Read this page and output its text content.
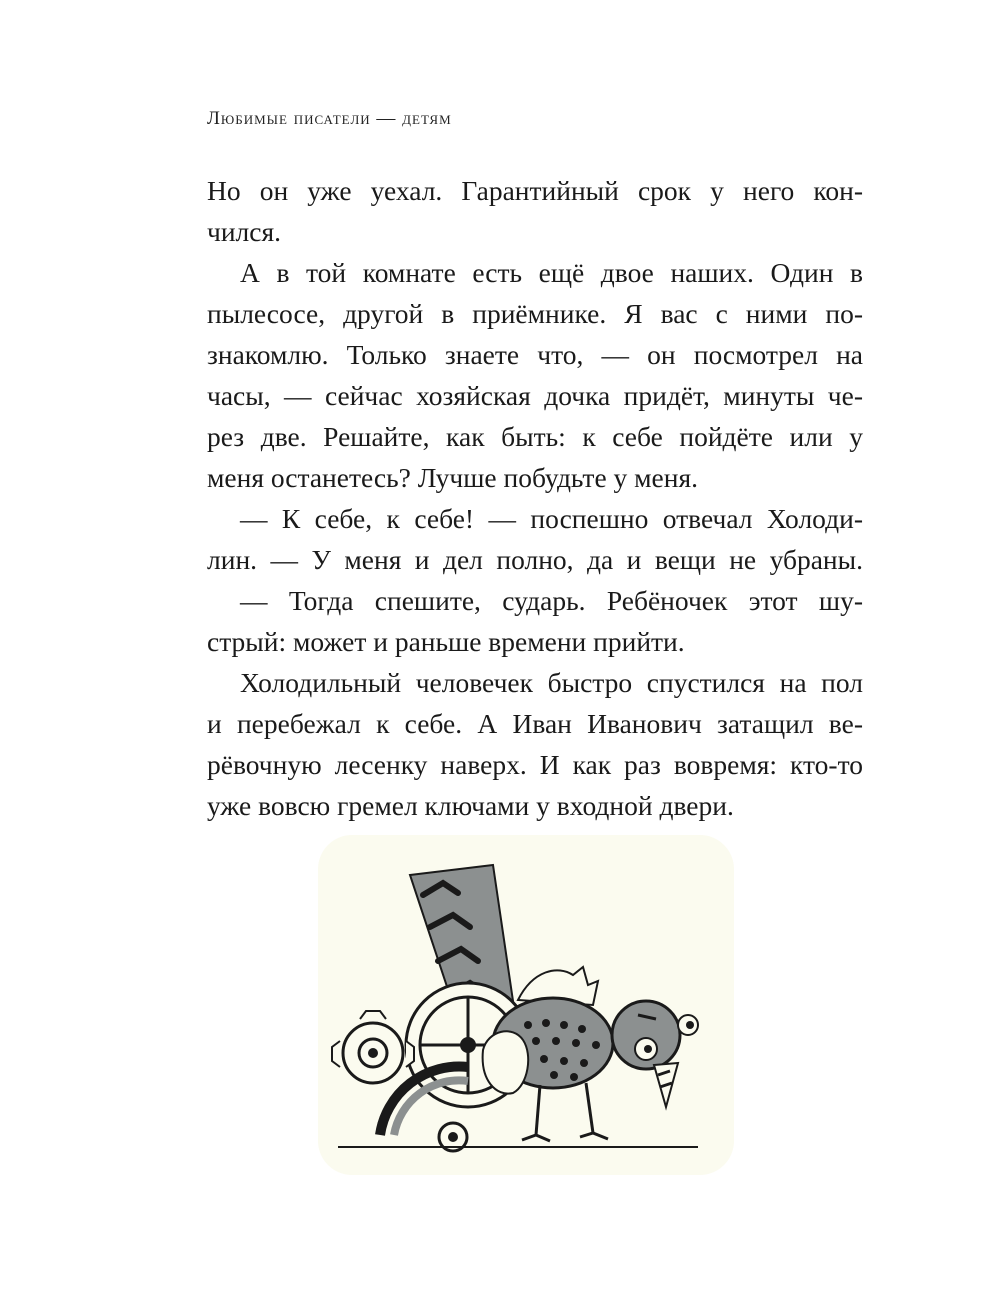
Любимые писатели — детям
Но он уже уехал. Гарантийный срок у него кон-
чился.
А в той комнате есть ещё двое наших. Один в
пылесосе, другой в приёмнике. Я вас с ними по-
знакомлю. Только знаете что, — он посмотрел на
часы, — сейчас хозяйская дочка придёт, минуты че-
рез две. Решайте, как быть: к себе пойдёте или у
меня останетесь? Лучше побудьте у меня.
— К себе, к себе! — поспешно отвечал Холоди-
лин. — У меня и дел полно, да и вещи не убраны.
— Тогда спешите, сударь. Ребёночек этот шу-
стрый: может и раньше времени прийти.
Холодильный человечек быстро спустился на пол
и перебежал к себе. А Иван Иванович затащил ве-
рёвочную лесенку наверх. И как раз вовремя: кто-то
уже вовсю гремел ключами у входной двери.
